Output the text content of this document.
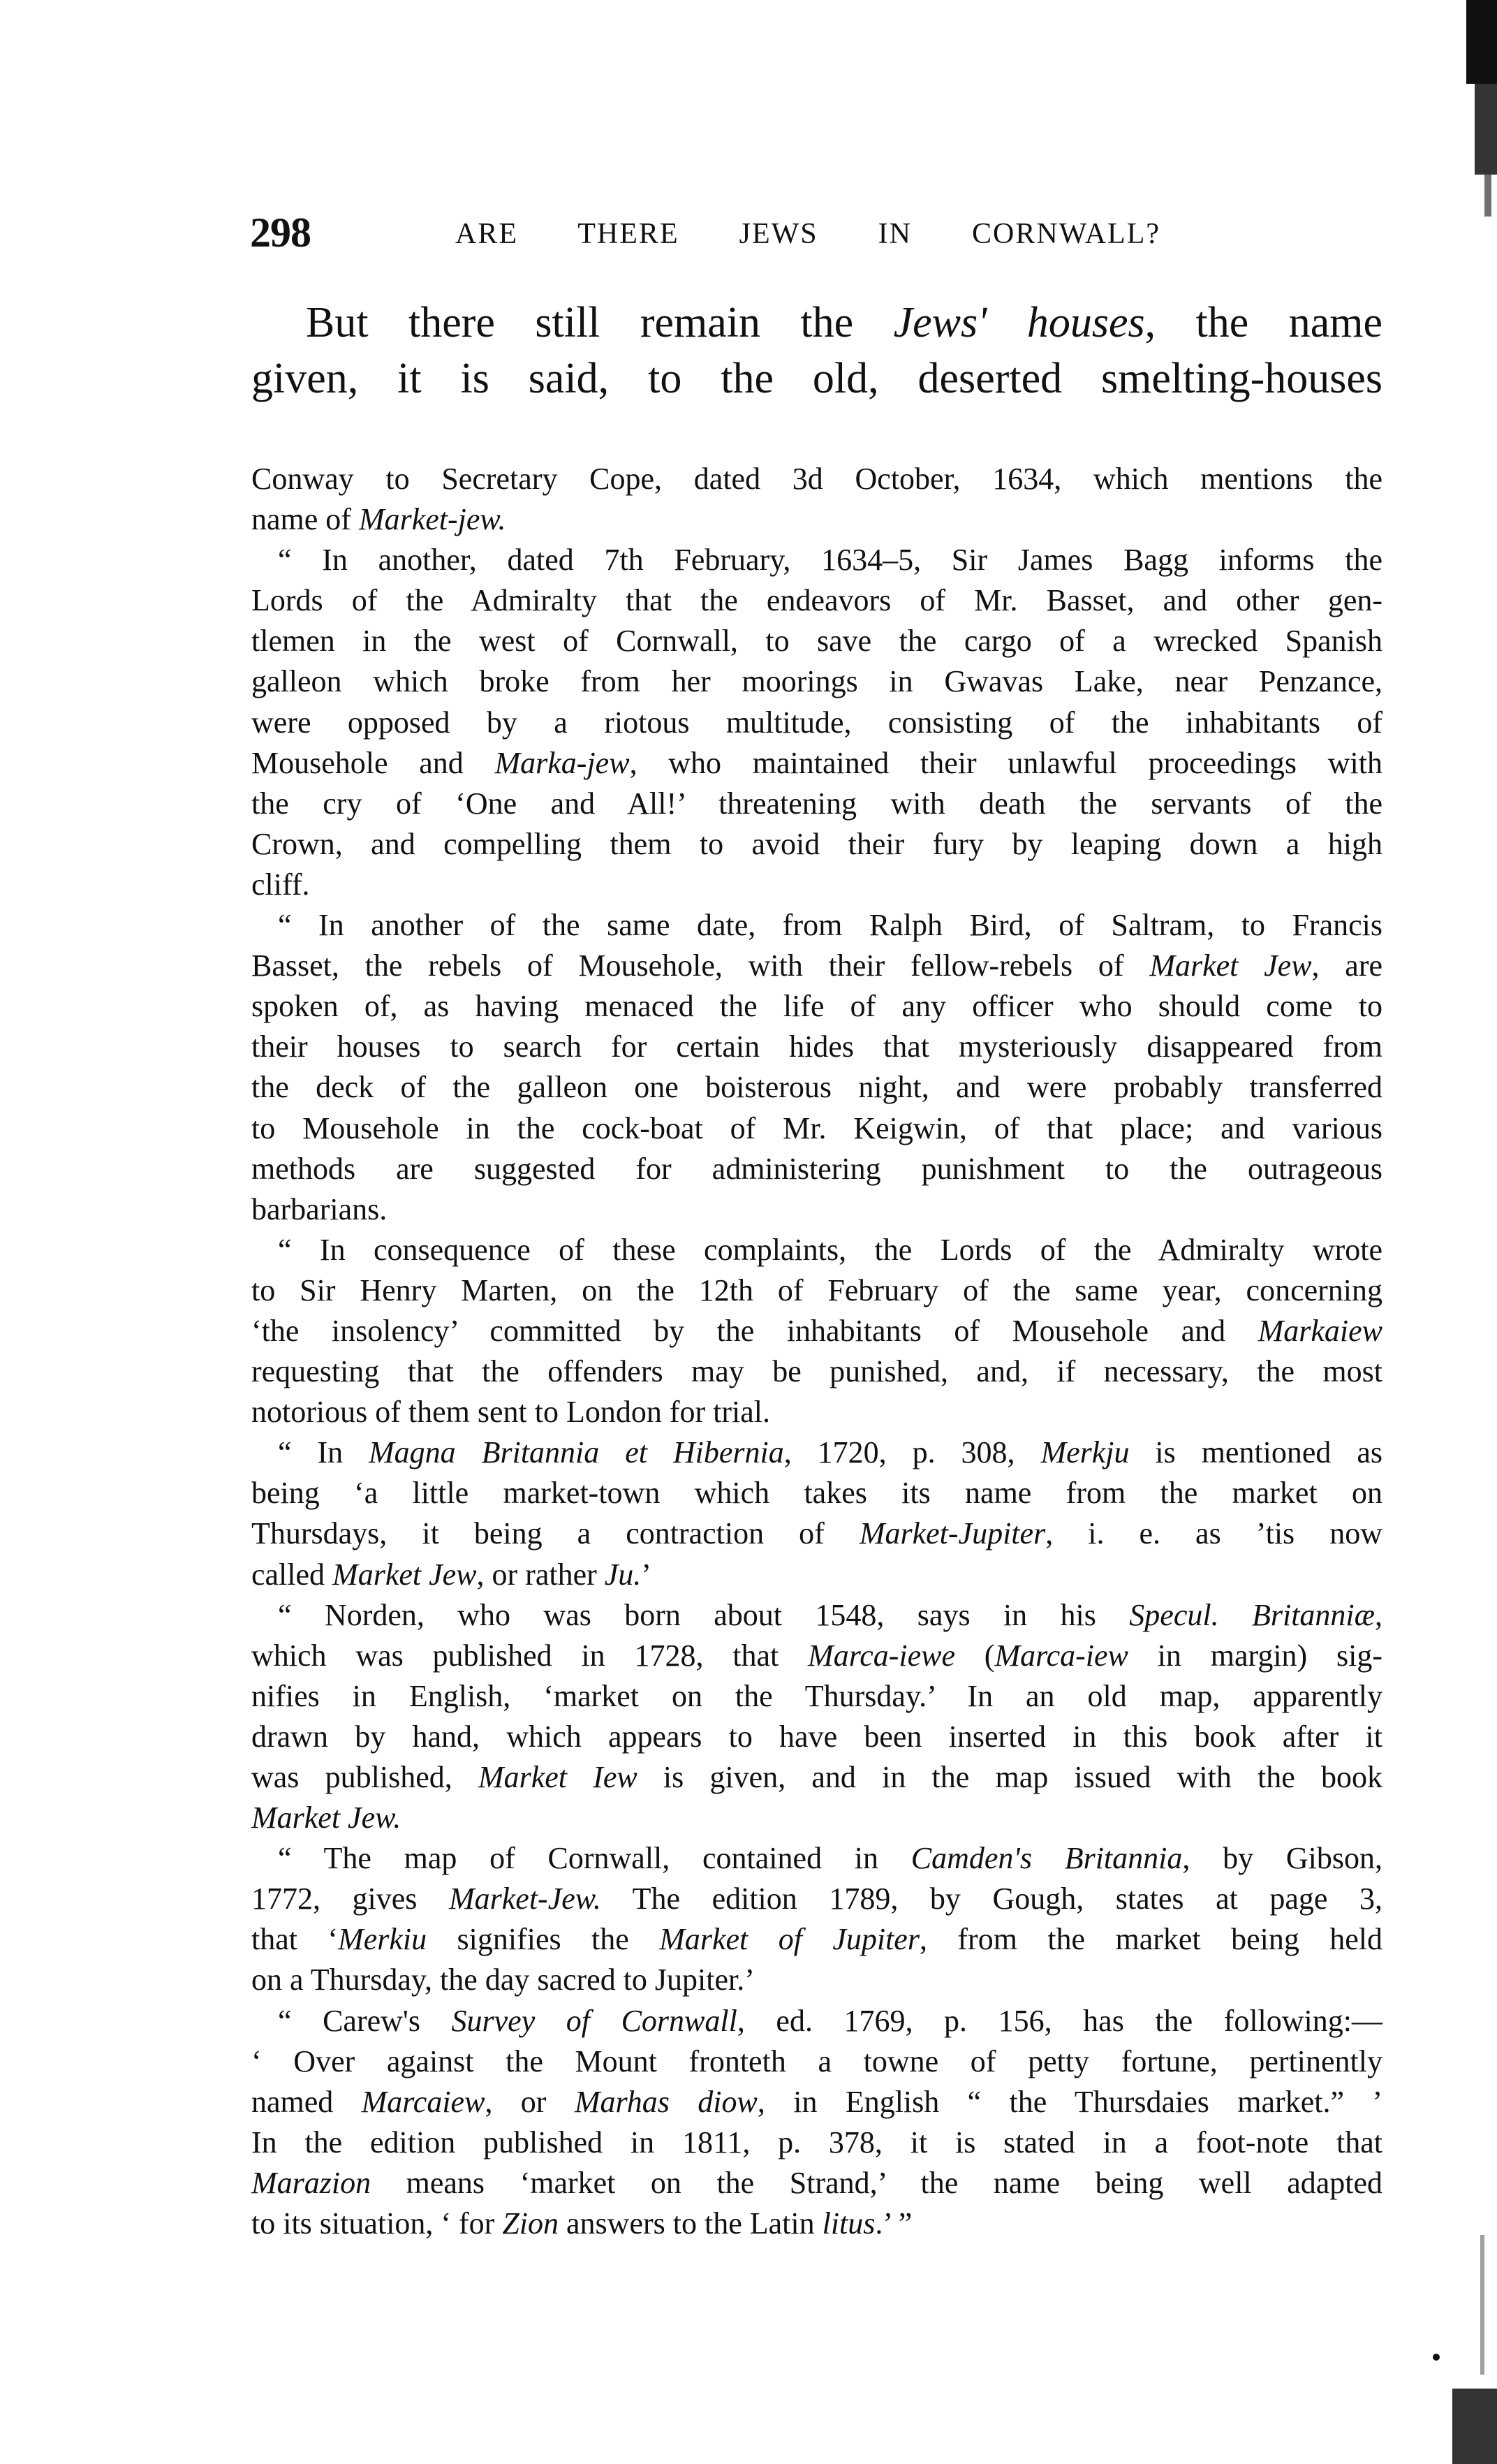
298	ARE THERE JEWS IN CORNWALL?
But there still remain the Jews' houses, the name
given, it is said, to the old, deserted smelting-houses
Conway to Secretary Cope, dated 3d October, 1634, which mentions the
name of Market-jew.
“ In another, dated 7th February, 1634–5, Sir James Bagg informs the
Lords of the Admiralty that the endeavors of Mr. Basset, and other gen-
tlemen in the west of Cornwall, to save the cargo of a wrecked Spanish
galleon which broke from her moorings in Gwavas Lake, near Penzance,
were opposed by a riotous multitude, consisting of the inhabitants of
Mousehole and Marka-jew, who maintained their unlawful proceedings with
the cry of ‘One and All!’ threatening with death the servants of the
Crown, and compelling them to avoid their fury by leaping down a high
cliff.
“ In another of the same date, from Ralph Bird, of Saltram, to Francis
Basset, the rebels of Mousehole, with their fellow-rebels of Market Jew, are
spoken of, as having menaced the life of any officer who should come to
their houses to search for certain hides that mysteriously disappeared from
the deck of the galleon one boisterous night, and were probably transferred
to Mousehole in the cock-boat of Mr. Keigwin, of that place; and various
methods are suggested for administering punishment to the outrageous
barbarians.
“ In consequence of these complaints, the Lords of the Admiralty wrote
to Sir Henry Marten, on the 12th of February of the same year, concerning
‘the insolency’ committed by the inhabitants of Mousehole and Markaiew
requesting that the offenders may be punished, and, if necessary, the most
notorious of them sent to London for trial.
“ In Magna Britannia et Hibernia, 1720, p. 308, Merkju is mentioned as
being ‘a little market-town which takes its name from the market on
Thursdays, it being a contraction of Market-Jupiter, i. e. as ’tis now
called Market Jew, or rather Ju.’
“ Norden, who was born about 1548, says in his Specul. Britanniæ,
which was published in 1728, that Marca-iewe (Marca-iew in margin) sig-
nifies in English, ‘market on the Thursday.’ In an old map, apparently
drawn by hand, which appears to have been inserted in this book after it
was published, Market Iew is given, and in the map issued with the book
Market Jew.
“ The map of Cornwall, contained in Camden's Britannia, by Gibson,
1772, gives Market-Jew. The edition 1789, by Gough, states at page 3,
that ‘Merkiu signifies the Market of Jupiter, from the market being held
on a Thursday, the day sacred to Jupiter.’
“ Carew's Survey of Cornwall, ed. 1769, p. 156, has the following:—
‘ Over against the Mount fronteth a towne of petty fortune, pertinently
named Marcaiew, or Marhas diow, in English “ the Thursdaies market.” ’
In the edition published in 1811, p. 378, it is stated in a foot-note that
Marazion means ‘market on the Strand,’ the name being well adapted
to its situation, ‘ for Zion answers to the Latin litus.’ ”
